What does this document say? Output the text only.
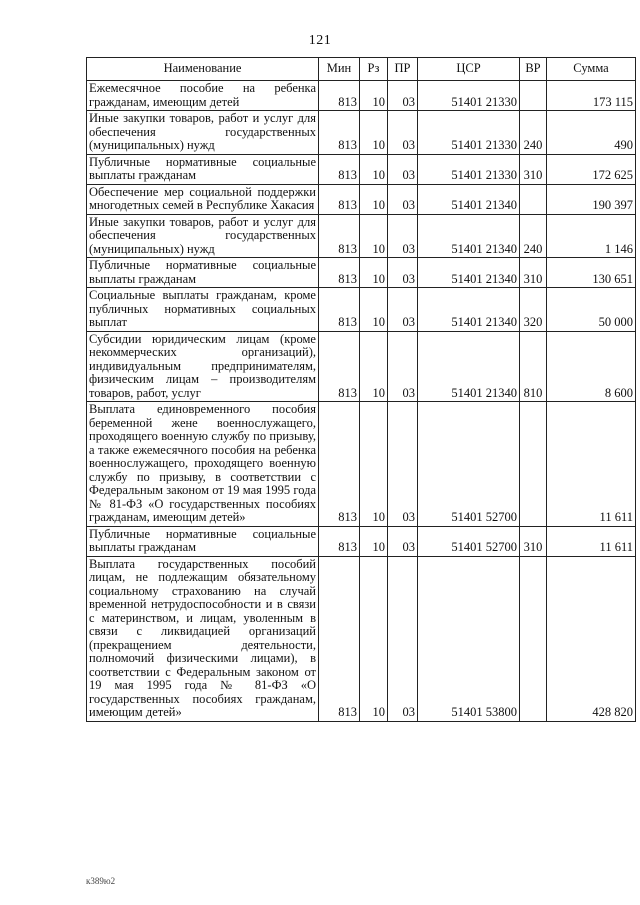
121
Наименование	Мин	Рз	ПР	ЦСР	ВР	Сумма
Ежемесячное пособие на ребенка гражданам, имеющим детей	813	10	03	51401 21330		173 115
Иные закупки товаров, работ и услуг для обеспечения государственных (муниципальных) нужд	813	10	03	51401 21330	240	490
Публичные нормативные социальные выплаты гражданам	813	10	03	51401 21330	310	172 625
Обеспечение мер социальной поддержки многодетных семей в Республике Хакасия	813	10	03	51401 21340		190 397
Иные закупки товаров, работ и услуг для обеспечения государственных (муниципальных) нужд	813	10	03	51401 21340	240	1 146
Публичные нормативные социальные выплаты гражданам	813	10	03	51401 21340	310	130 651
Социальные выплаты гражданам, кроме публичных нормативных социальных выплат	813	10	03	51401 21340	320	50 000
Субсидии юридическим лицам (кроме некоммерческих организаций), индивидуальным предпринимателям, физическим лицам – производителям товаров, работ, услуг	813	10	03	51401 21340	810	8 600
Выплата единовременного пособия беременной жене военнослужащего, проходящего военную службу по призыву, а также ежемесячного пособия на ребенка военнослужащего, проходящего военную службу по призыву, в соответствии с Федеральным законом от 19 мая 1995 года № 81-ФЗ «О государственных пособиях гражданам, имеющим детей»	813	10	03	51401 52700		11 611
Публичные нормативные социальные выплаты гражданам	813	10	03	51401 52700	310	11 611
Выплата государственных пособий лицам, не подлежащим обязательному социальному страхованию на случай временной нетрудоспособности и в связи с материнством, и лицам, уволенным в связи с ликвидацией организаций (прекращением деятельности, полномочий физическими лицами), в соответствии с Федеральным законом от 19 мая 1995 года № 81-ФЗ «О государственных пособиях гражданам, имеющим детей»	813	10	03	51401 53800		428 820
к389ю2
